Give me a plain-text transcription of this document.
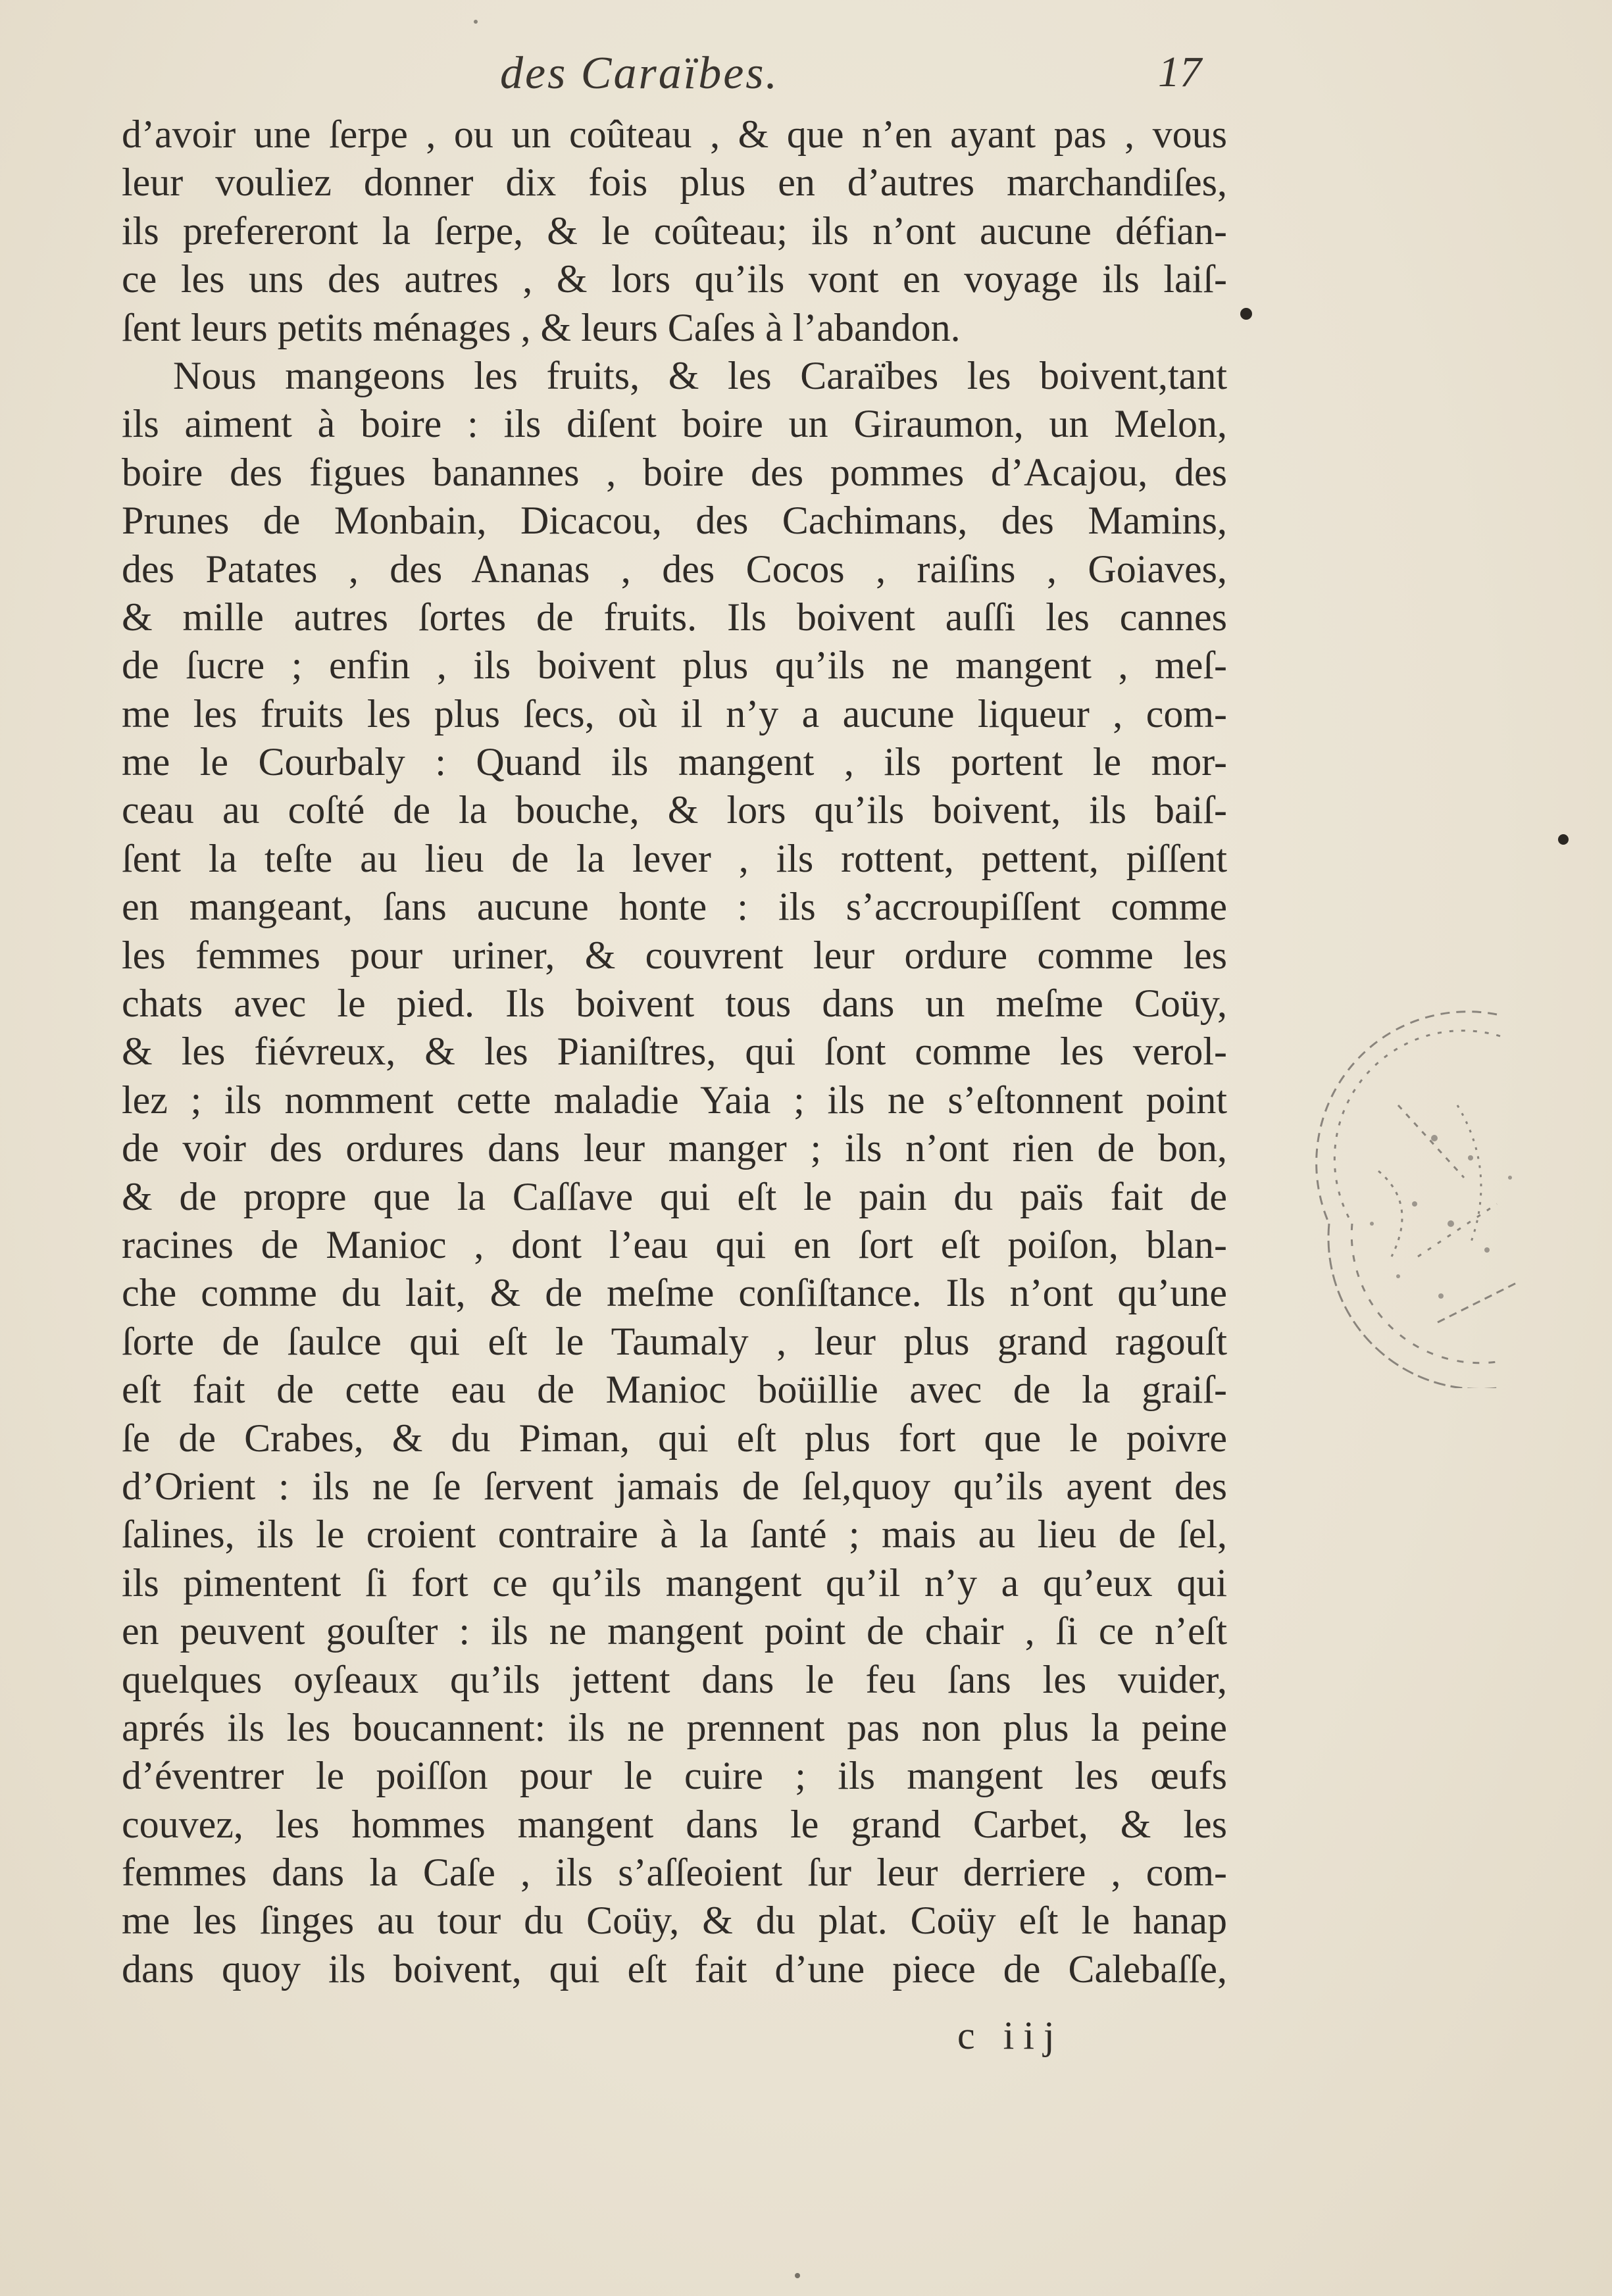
des Caraïbes.	17
d’avoir une ſerpe , ou un coûteau , & que n’en ayant pas , vous
leur vouliez donner dix fois plus en d’autres marchandiſes,
ils prefereront la ſerpe, & le coûteau; ils n’ont aucune défian-
ce les uns des autres , & lors qu’ils vont en voyage ils laiſ-
ſent leurs petits ménages , & leurs Caſes à l’abandon.
Nous mangeons les fruits, & les Caraïbes les boivent,tant
ils aiment à boire : ils diſent boire un Giraumon, un Melon,
boire des figues banannes , boire des pommes d’Acajou, des
Prunes de Monbain, Dicacou, des Cachimans, des Mamins,
des Patates , des Ananas , des Cocos , raiſins , Goiaves,
& mille autres ſortes de fruits. Ils boivent auſſi les cannes
de ſucre ; enfin , ils boivent plus qu’ils ne mangent , meſ-
me les fruits les plus ſecs, où il n’y a aucune liqueur , com-
me le Courbaly : Quand ils mangent , ils portent le mor-
ceau au coſté de la bouche, & lors qu’ils boivent, ils baiſ-
ſent la teſte au lieu de la lever , ils rottent, pettent, piſſent
en mangeant, ſans aucune honte : ils s’accroupiſſent comme
les femmes pour uriner, & couvrent leur ordure comme les
chats avec le pied. Ils boivent tous dans un meſme Coüy,
& les fiévreux, & les Pianiſtres, qui ſont comme les verol-
lez ; ils nomment cette maladie Yaia ; ils ne s’eſtonnent point
de voir des ordures dans leur manger ; ils n’ont rien de bon,
& de propre que la Caſſave qui eſt le pain du païs fait de
racines de Manioc , dont l’eau qui en ſort eſt poiſon, blan-
che comme du lait, & de meſme conſiſtance. Ils n’ont qu’une
ſorte de ſaulce qui eſt le Taumaly , leur plus grand ragouſt
eſt fait de cette eau de Manioc boüillie avec de la graiſ-
ſe de Crabes, & du Piman, qui eſt plus fort que le poivre
d’Orient : ils ne ſe ſervent jamais de ſel,quoy qu’ils ayent des
ſalines, ils le croient contraire à la ſanté ; mais au lieu de ſel,
ils pimentent ſi fort ce qu’ils mangent qu’il n’y a qu’eux qui
en peuvent gouſter : ils ne mangent point de chair , ſi ce n’eſt
quelques oyſeaux qu’ils jettent dans le feu ſans les vuider,
aprés ils les boucannent: ils ne prennent pas non plus la peine
d’éventrer le poiſſon pour le cuire ; ils mangent les œufs
couvez, les hommes mangent dans le grand Carbet, & les
femmes dans la Caſe , ils s’aſſeoient ſur leur derriere , com-
me les ſinges au tour du Coüy, & du plat. Coüy eſt le hanap
dans quoy ils boivent, qui eſt fait d’une piece de Calebaſſe,
c iij
